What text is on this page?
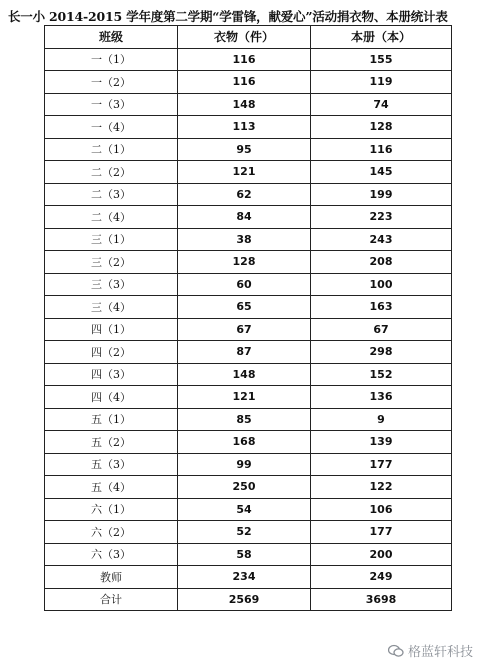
长一小 2014-2015 学年度第二学期“学雷锋，献爱心”活动捐衣物、本册统计表
班级	衣物（件）	本册（本）
一（1）	116	155
一（2）	116	119
一（3）	148	74
一（4）	113	128
二（1）	95	116
二（2）	121	145
二（3）	62	199
二（4）	84	223
三（1）	38	243
三（2）	128	208
三（3）	60	100
三（4）	65	163
四（1）	67	67
四（2）	87	298
四（3）	148	152
四（4）	121	136
五（1）	85	9
五（2）	168	139
五（3）	99	177
五（4）	250	122
六（1）	54	106
六（2）	52	177
六（3）	58	200
教师	234	249
合计	2569	3698
格蓝轩科技
